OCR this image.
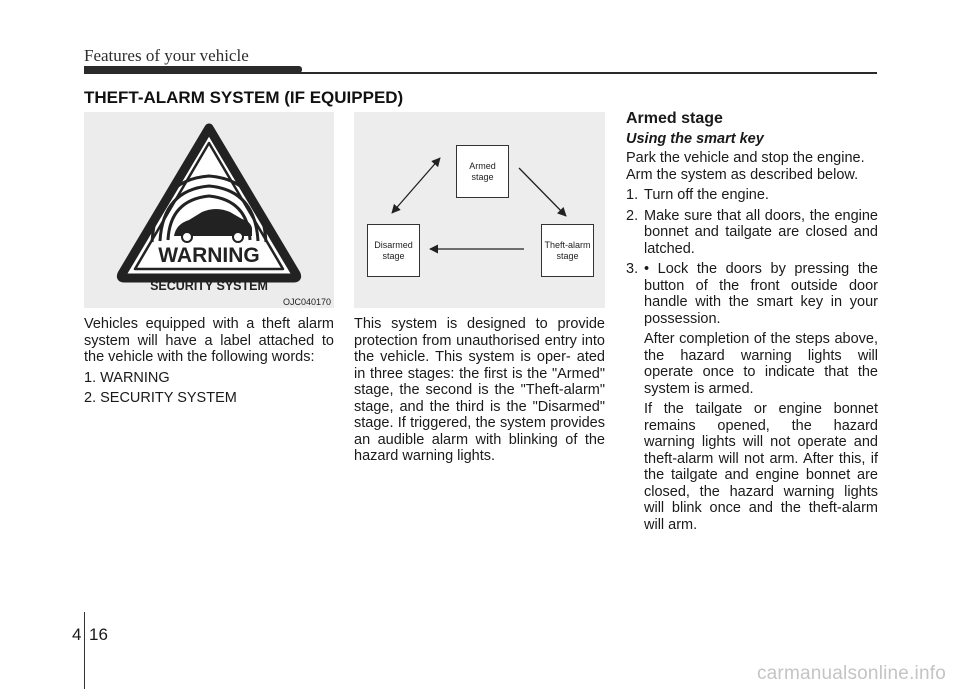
Features of your vehicle
THEFT-ALARM SYSTEM (IF EQUIPPED)
WARNING
SECURITY SYSTEM
OJC040170
Armed
stage
Disarmed
stage
Theft-alarm
stage

Vehicles equipped with a theft alarm system will have a label attached to the vehicle with the following words:

1. WARNING

2. SECURITY SYSTEM

This system is designed to provide protection from unauthorised entry into the vehicle. This system is oper- ated in three stages: the first is the "Armed" stage, the second is the "Theft-alarm" stage, and the third is the "Disarmed" stage. If triggered, the system provides an audible alarm with blinking of the hazard warning lights.

Armed stage

Using the smart key

Park the vehicle and stop the engine. Arm the system as described below.

1. Turn off the engine.
2. Make sure that all doors, the engine bonnet and tailgate are closed and latched.
3. • Lock the doors by pressing the button of the front outside door handle with the smart key in your possession.

After completion of the steps above, the hazard warning lights will operate once to indicate that the system is armed.

If the tailgate or engine bonnet remains opened, the hazard warning lights will not operate and theft-alarm will not arm. After this, if the tailgate and engine bonnet are closed, the hazard warning lights will blink once and the theft-alarm will arm.

4 16
carmanualsonline.info
